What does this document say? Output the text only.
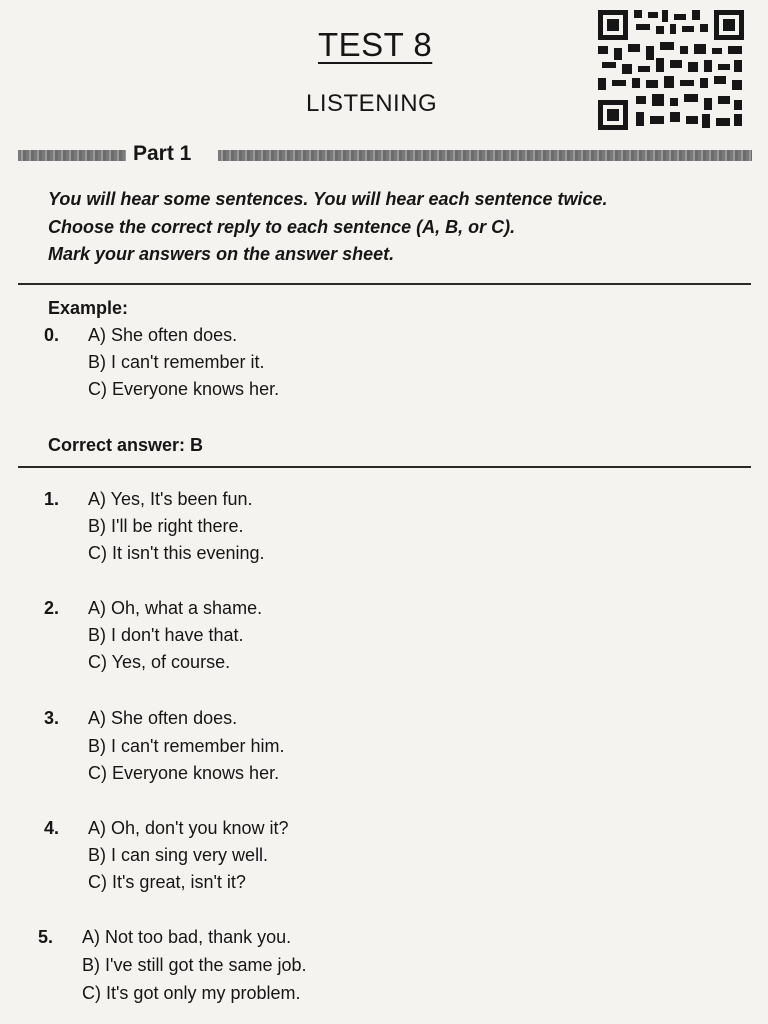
TEST 8
LISTENING
Part 1
You will hear some sentences. You will hear each sentence twice.
Choose the correct reply to each sentence (A, B, or C).
Mark your answers on the answer sheet.
Example:
0.	A) She often does.
B) I can't remember it.
C) Everyone knows her.
Correct answer: B
1.	A) Yes, It's been fun.
B) I'll be right there.
C) It isn't this evening.
2.	A) Oh, what a shame.
B) I don't have that.
C) Yes, of course.
3.	A) She often does.
B) I can't remember him.
C) Everyone knows her.
4.	A) Oh, don't you know it?
B) I can sing very well.
C) It's great, isn't it?
5.	A) Not too bad, thank you.
B) I've still got the same job.
C) It's got only my problem.
